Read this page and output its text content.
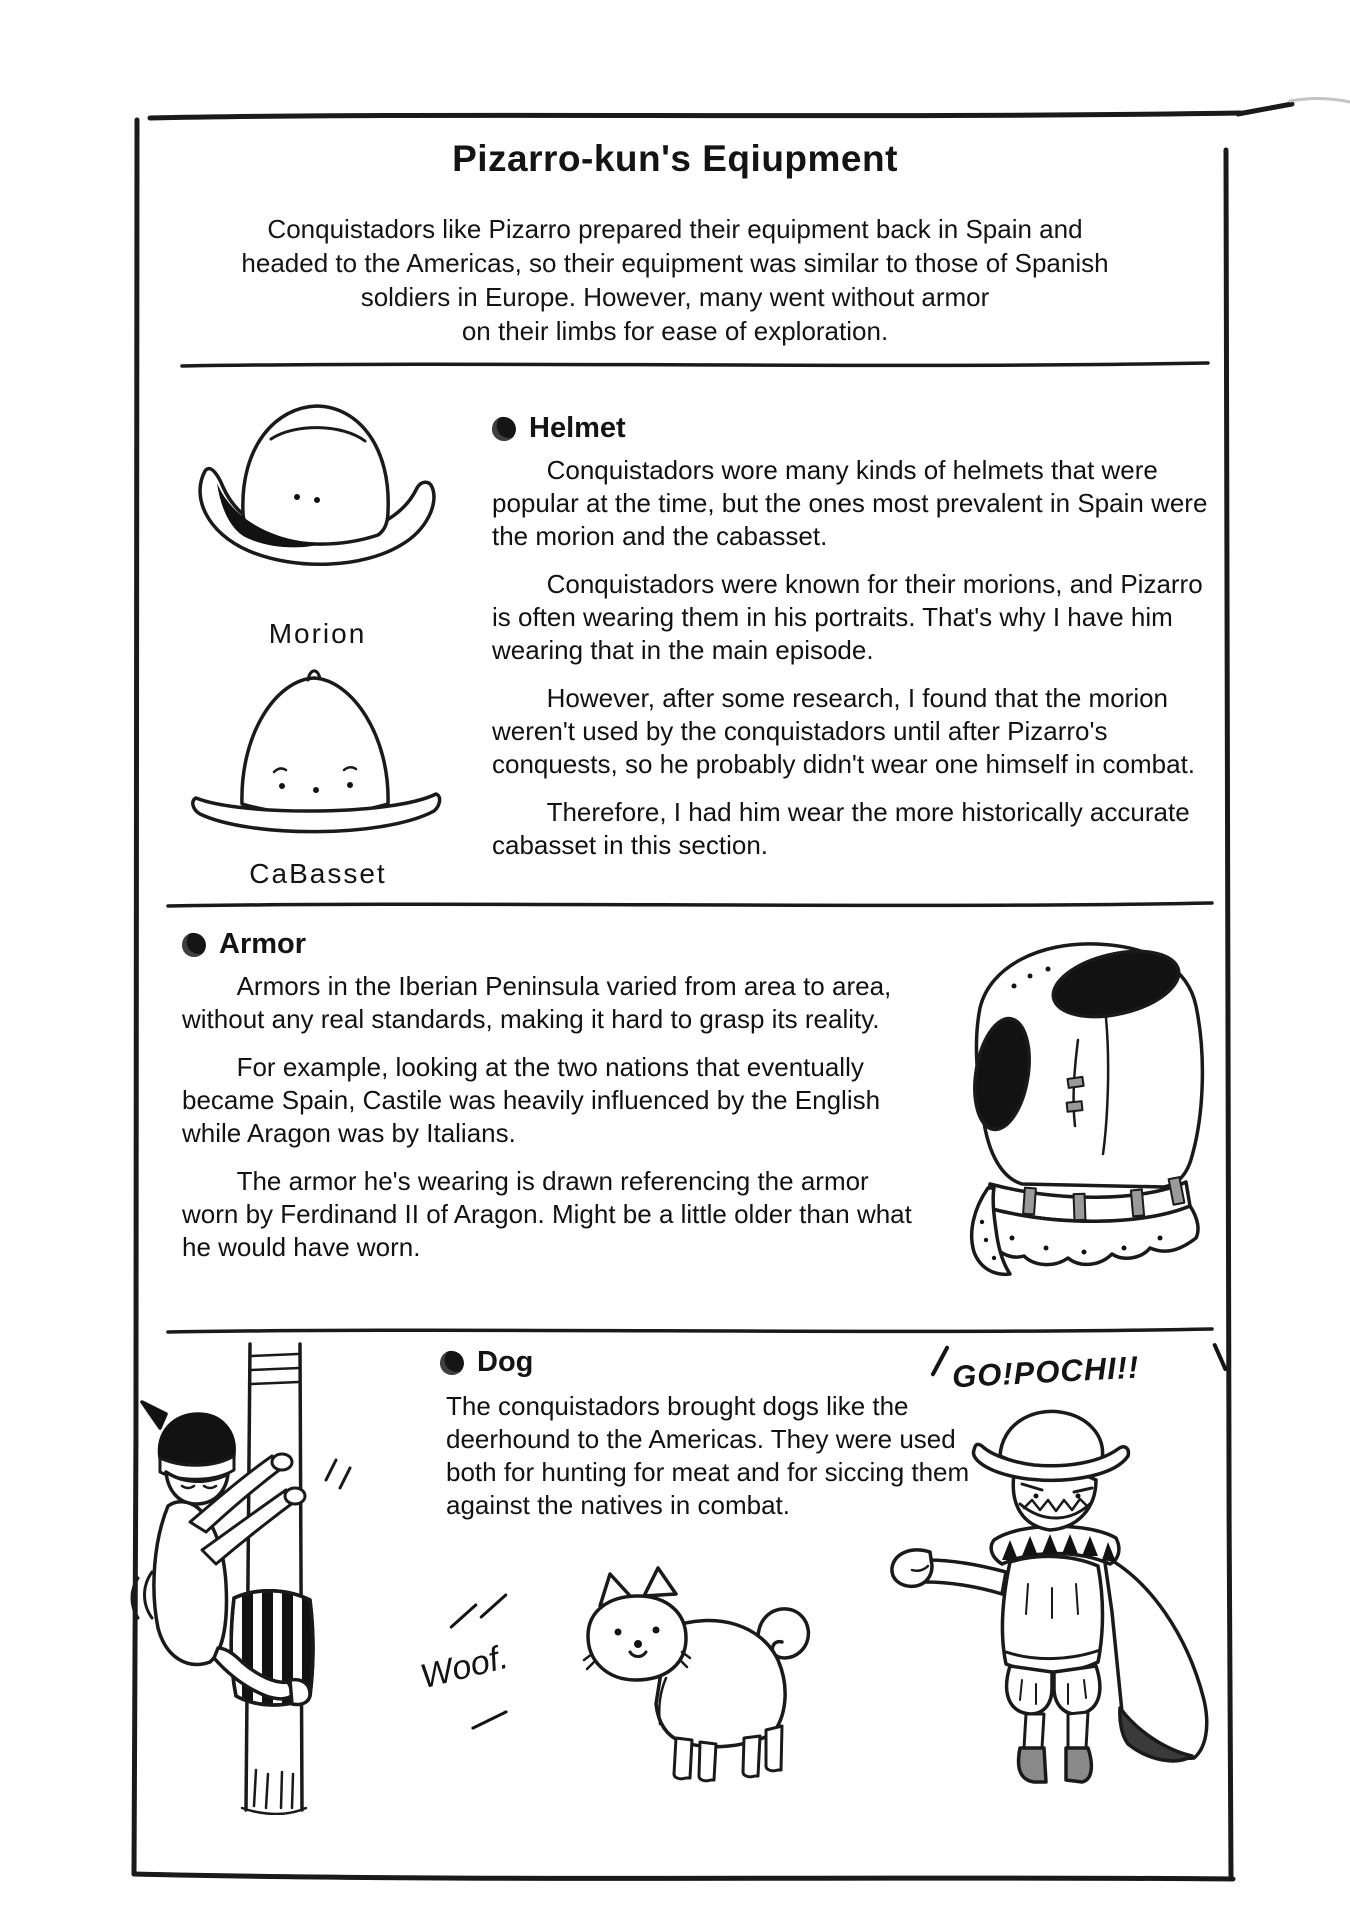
Pizarro-kun's Eqiupment
Conquistadors like Pizarro prepared their equipment back in Spain and
headed to the Americas, so their equipment was similar to those of Spanish
soldiers in Europe. However, many went without armor
on their limbs for ease of exploration.
Morion
CaBasset
Helmet

Conquistadors wore many kinds of helmets that were popular at the time, but the ones most prevalent in Spain were the morion and the cabasset.

Conquistadors were known for their morions, and Pizarro is often wearing them in his portraits. That's why I have him wearing that in the main episode.

However, after some research, I found that the morion weren't used by the conquistadors until after Pizarro's conquests, so he probably didn't wear one himself in combat.

Therefore, I had him wear the more historically accurate cabasset in this section.

Armor

Armors in the Iberian Peninsula varied from area to area, without any real standards, making it hard to grasp its reality.

For example, looking at the two nations that eventually became Spain, Castile was heavily influenced by the English while Aragon was by Italians.

The armor he's wearing is drawn referencing the armor worn by Ferdinand II of Aragon. Might be a little older than what he would have worn.

Dog

The conquistadors brought dogs like the deerhound to the Americas. They were used both for hunting for meat and for siccing them against the natives in combat.

GO!POCHI!!
Woof.
